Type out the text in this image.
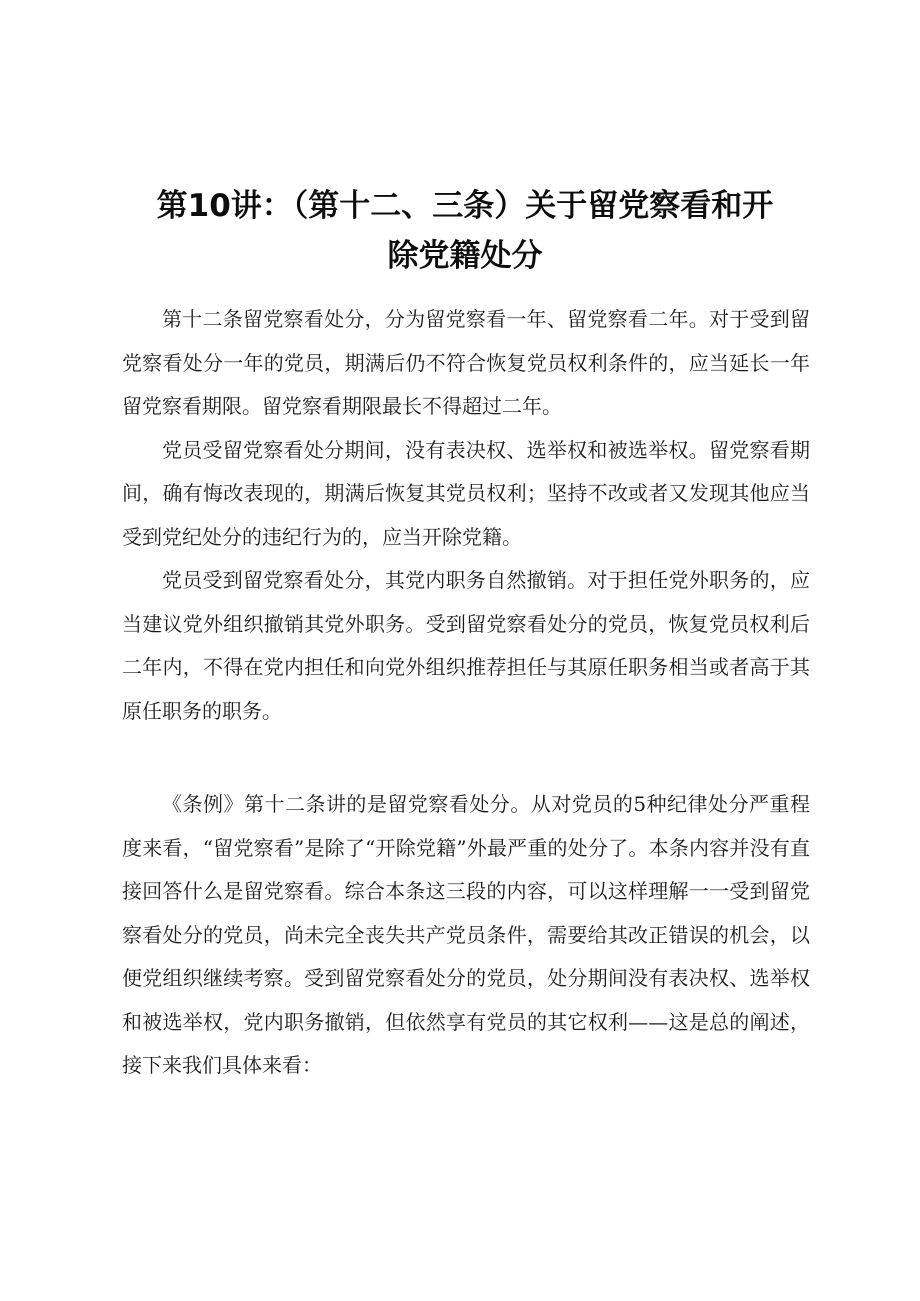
第10讲：（第十二、三条）关于留党察看和开
除党籍处分

第十二条留党察看处分，分为留党察看一年、留党察看二年。对于受到留党察看处分一年的党员，期满后仍不符合恢复党员权利条件的，应当延长一年留党察看期限。留党察看期限最长不得超过二年。

党员受留党察看处分期间，没有表决权、选举权和被选举权。留党察看期间，确有悔改表现的，期满后恢复其党员权利；坚持不改或者又发现其他应当受到党纪处分的违纪行为的，应当开除党籍。

党员受到留党察看处分，其党内职务自然撤销。对于担任党外职务的，应当建议党外组织撤销其党外职务。受到留党察看处分的党员，恢复党员权利后二年内，不得在党内担任和向党外组织推荐担任与其原任职务相当或者高于其原任职务的职务。

《条例》第十二条讲的是留党察看处分。从对党员的5种纪律处分严重程度来看，“留党察看”是除了“开除党籍”外最严重的处分了。本条内容并没有直接回答什么是留党察看。综合本条这三段的内容，可以这样理解一一受到留党察看处分的党员，尚未完全丧失共产党员条件，需要给其改正错误的机会，以便党组织继续考察。受到留党察看处分的党员，处分期间没有表决权、选举权和被选举权，党内职务撤销，但依然享有党员的其它权利——这是总的阐述，接下来我们具体来看：
